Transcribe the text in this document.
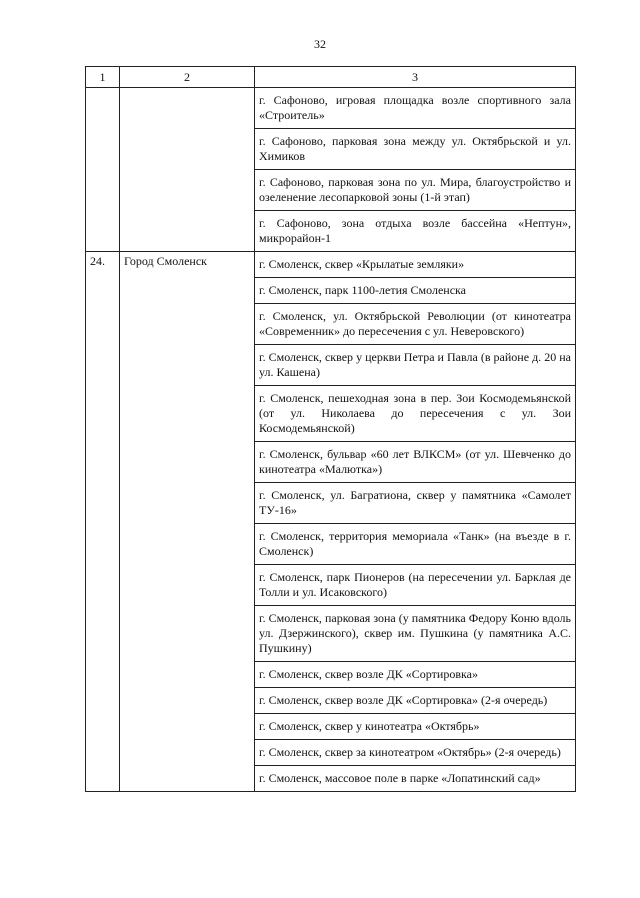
32
1	2	3
		г. Сафоново, игровая площадка возле спортивного зала «Строитель»
		г. Сафоново, парковая зона между ул. Октябрьской и ул. Химиков
		г. Сафоново, парковая зона по ул. Мира, благоустройство и озеленение лесопарковой зоны (1-й этап)
		г. Сафоново, зона отдыха возле бассейна «Нептун», микрорайон-1
24.	Город Смоленск	г. Смоленск, сквер «Крылатые земляки»
		г. Смоленск, парк 1100-летия Смоленска
		г. Смоленск, ул. Октябрьской Революции (от кинотеатра «Современник» до пересечения с ул. Неверовского)
		г. Смоленск, сквер у церкви Петра и Павла (в районе д. 20 на ул. Кашена)
		г. Смоленск, пешеходная зона в пер. Зои Космодемьянской (от ул. Николаева до пересечения с ул. Зои Космодемьянской)
		г. Смоленск, бульвар «60 лет ВЛКСМ» (от ул. Шевченко до кинотеатра «Малютка»)
		г. Смоленск, ул. Багратиона, сквер у памятника «Самолет ТУ-16»
		г. Смоленск, территория мемориала «Танк» (на въезде в г. Смоленск)
		г. Смоленск, парк Пионеров (на пересечении ул. Барклая де Толли и ул. Исаковского)
		г. Смоленск, парковая зона (у памятника Федору Коню вдоль ул. Дзержинского), сквер им. Пушкина (у памятника А.С. Пушкину)
		г. Смоленск, сквер возле ДК «Сортировка»
		г. Смоленск, сквер возле ДК «Сортировка» (2-я очередь)
		г. Смоленск, сквер у кинотеатра «Октябрь»
		г. Смоленск, сквер за кинотеатром «Октябрь» (2-я очередь)
		г. Смоленск, массовое поле в парке «Лопатинский сад»
